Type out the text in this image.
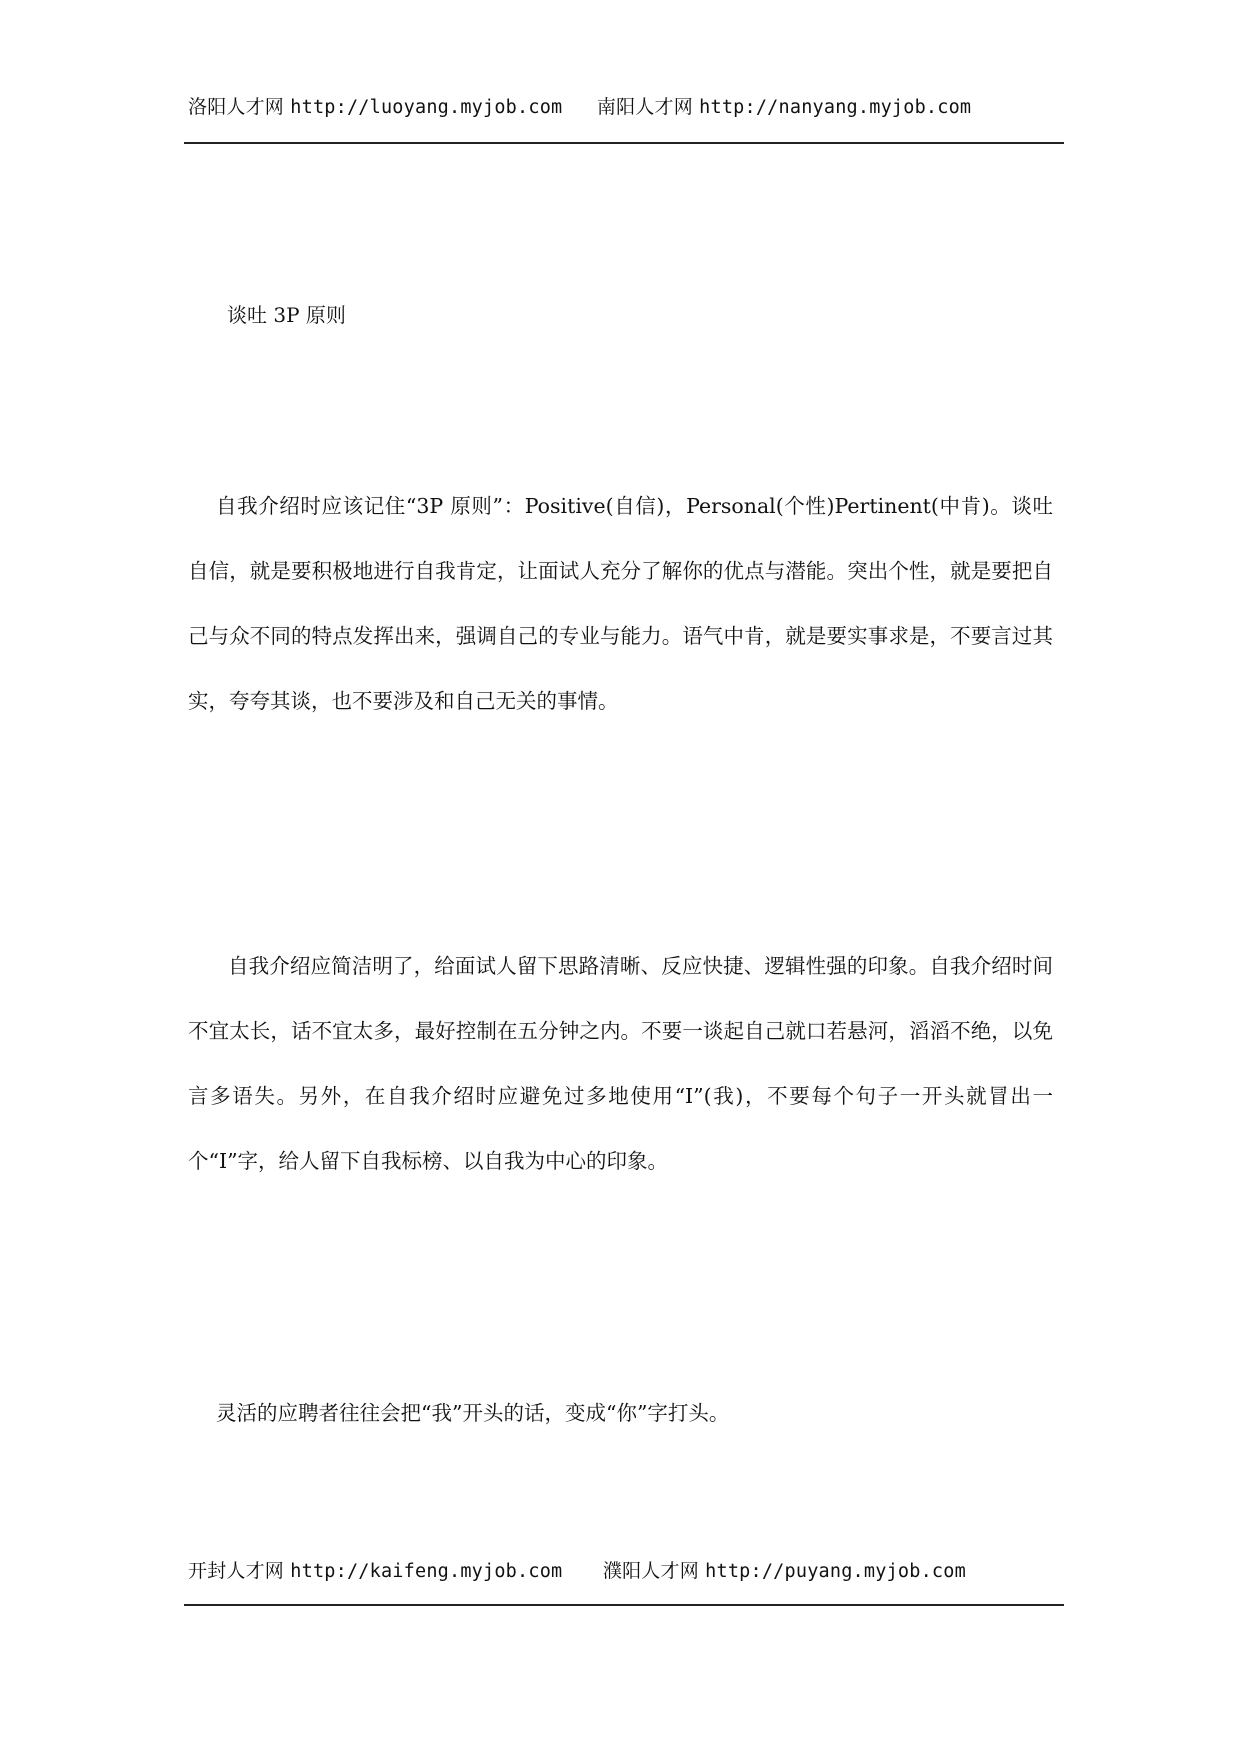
洛阳人才网 http://luoyang.myjob.com 南阳人才网 http://nanyang.myjob.com

谈吐 3P 原则

自我介绍时应该记住“3P 原则”：Positive(自信)，Personal(个性)Pertinent(中肯)。谈吐自信，就是要积极地进行自我肯定，让面试人充分了解你的优点与潜能。突出个性，就是要把自己与众不同的特点发挥出来，强调自己的专业与能力。语气中肯，就是要实事求是，不要言过其实，夸夸其谈，也不要涉及和自己无关的事情。

自我介绍应简洁明了，给面试人留下思路清晰、反应快捷、逻辑性强的印象。自我介绍时间不宜太长，话不宜太多，最好控制在五分钟之内。不要一谈起自己就口若悬河，滔滔不绝，以免言多语失。另外，在自我介绍时应避免过多地使用“I”(我)，不要每个句子一开头就冒出一个“I”字，给人留下自我标榜、以自我为中心的印象。

灵活的应聘者往往会把“我”开头的话，变成“你”字打头。

开封人才网 http://kaifeng.myjob.com 濮阳人才网 http://puyang.myjob.com
